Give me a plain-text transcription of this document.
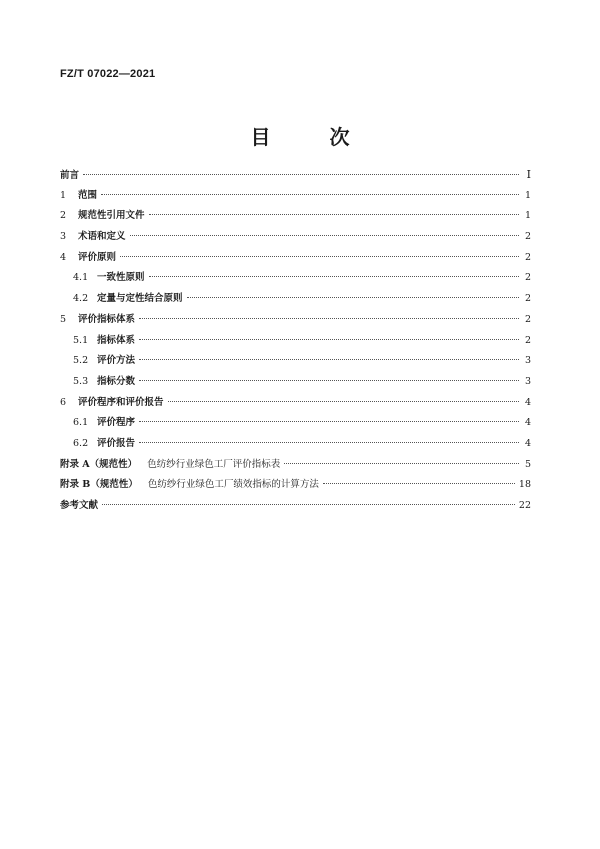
FZ/T 07022—2021
目 次
前言	Ⅰ
1	范围	1
2	规范性引用文件	1
3	术语和定义	2
4	评价原则	2
4.1 一致性原则	2
4.2 定量与定性结合原则	2
5	评价指标体系	2
5.1 指标体系	2
5.2 评价方法	3
5.3 指标分数	3
6	评价程序和评价报告	4
6.1 评价程序	4
6.2 评价报告	4
附录 A（规范性） 色纺纱行业绿色工厂评价指标表	5
附录 B（规范性） 色纺纱行业绿色工厂绩效指标的计算方法	18
参考文献	22
